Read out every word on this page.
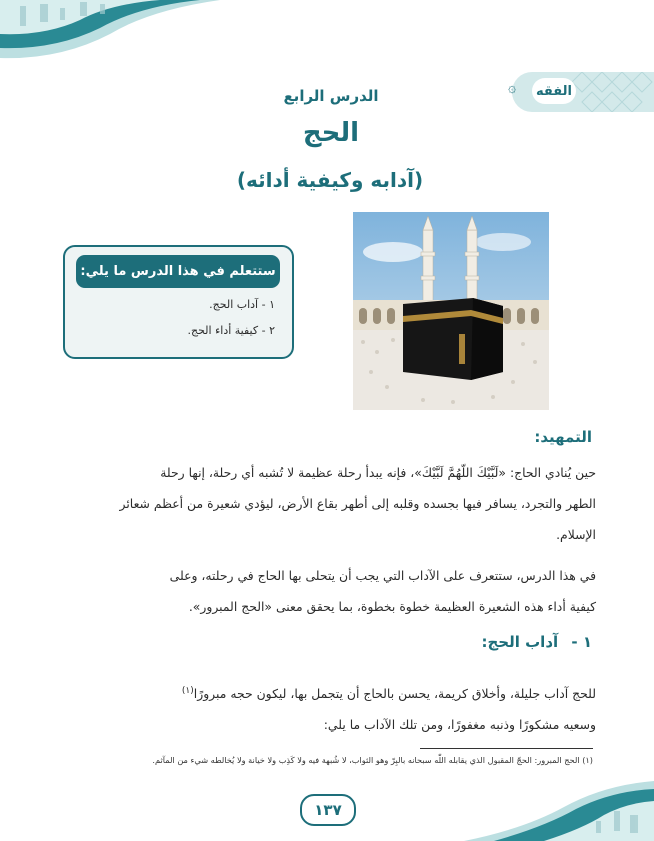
الفقه
۞
الدرس الرابع
الحج
(آدابه وكيفية أدائه)
ستتعلم في هذا الدرس ما يلي:
١ - آداب الحج.
٢ - كيفية أداء الحج.
التمهيد:
حين يُنادي الحاج: «لَبَّيْكَ اللّهُمَّ لَبَّيْكَ»، فإنه يبدأ رحلة عظيمة لا تُشبه أي رحلة، إنها رحلة
الطهر والتجرد، يسافر فيها بجسده وقلبه إلى أطهر بقاع الأرض، ليؤدي شعيرة من أعظم شعائر
الإسلام.
في هذا الدرس، ستتعرف على الآداب التي يجب أن يتحلى بها الحاج في رحلته، وعلى
كيفية أداء هذه الشعيرة العظيمة خطوة بخطوة، بما يحقق معنى «الحج المبرور».
١ - آداب الحج:
للحج آداب جليلة، وأخلاق كريمة، يحسن بالحاج أن يتجمل بها، ليكون حجه مبرورًا$^{(١)}$
وسعيه مشكورًا وذنبه مغفورًا، ومن تلك الآداب ما يلي:
(١) الحج المبرور: الحجّ المقبول الذي يقابله اللّٰه سبحانه بالبِرّ وهو الثواب، لا شُبهة فيه ولا كَذِب ولا خيانة ولا يُخالطه شيء من المآثم.
١٣٧
